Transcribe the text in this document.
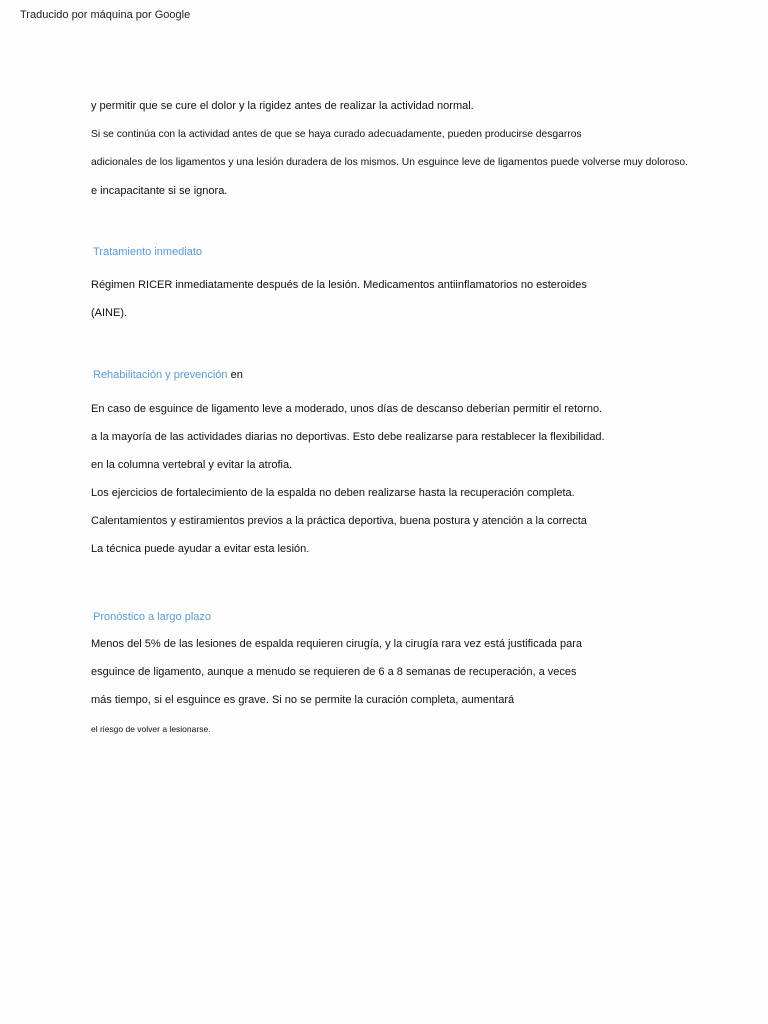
Traducido por máquina por Google
y permitir que se cure el dolor y la rigidez antes de realizar la actividad normal.
Si se continúa con la actividad antes de que se haya curado adecuadamente, pueden producirse desgarros
adicionales de los ligamentos y una lesión duradera de los mismos. Un esguince leve de ligamentos puede volverse muy doloroso.
e incapacitante si se ignora.
Tratamiento inmediato
Régimen RICER inmediatamente después de la lesión. Medicamentos antiinflamatorios no esteroides
(AINE).
Rehabilitación y prevención en
En caso de esguince de ligamento leve a moderado, unos días de descanso deberían permitir el retorno.
a la mayoría de las actividades diarias no deportivas. Esto debe realizarse para restablecer la flexibilidad.
en la columna vertebral y evitar la atrofia.
Los ejercicios de fortalecimiento de la espalda no deben realizarse hasta la recuperación completa.
Calentamientos y estiramientos previos a la práctica deportiva, buena postura y atención a la correcta
La técnica puede ayudar a evitar esta lesión.
Pronóstico a largo plazo
Menos del 5% de las lesiones de espalda requieren cirugía, y la cirugía rara vez está justificada para
esguince de ligamento, aunque a menudo se requieren de 6 a 8 semanas de recuperación, a veces
más tiempo, si el esguince es grave. Si no se permite la curación completa, aumentará
el riesgo de volver a lesionarse.
